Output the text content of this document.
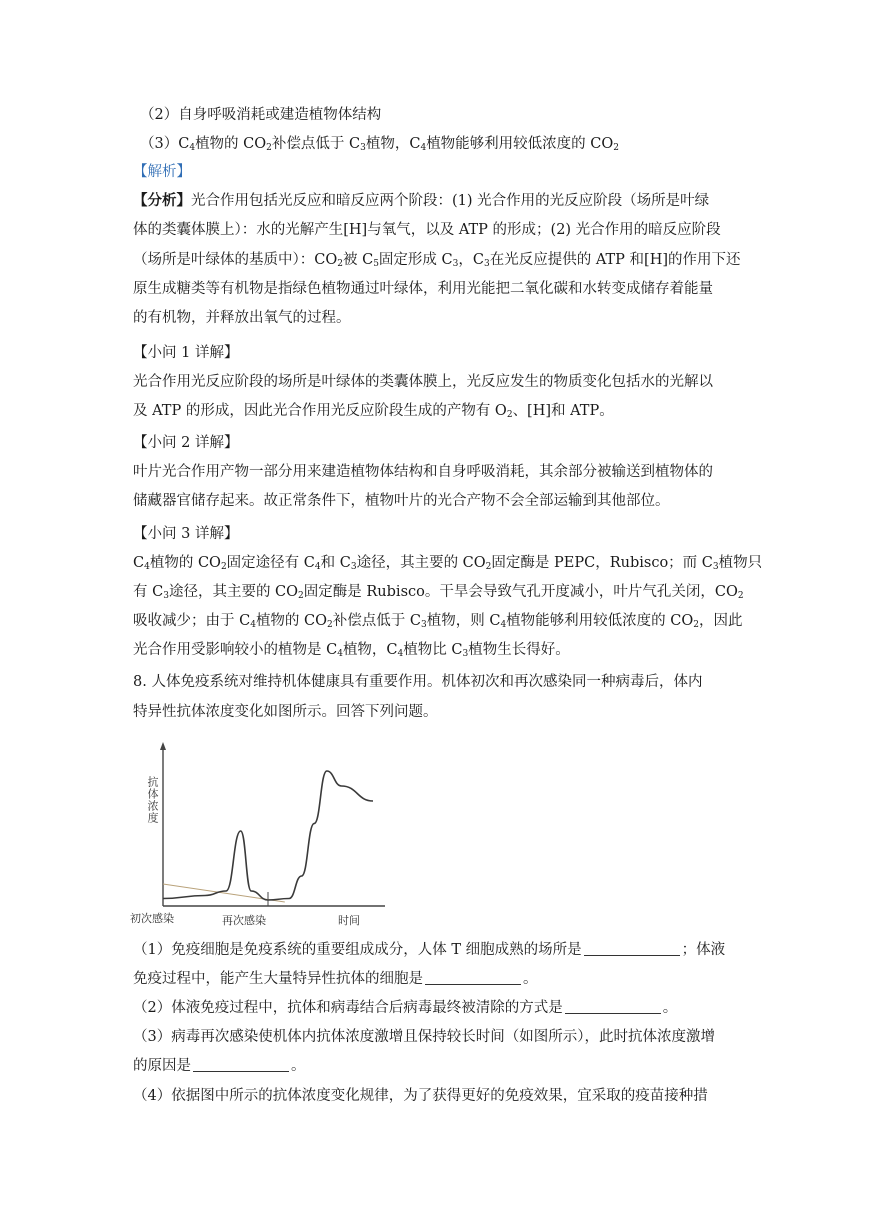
（2）自身呼吸消耗或建造植物体结构
$(3)C_4$植物的 $CO_2$补偿点低于 $C_3$植物，$C_4$植物能够利用较低浓度的 $CO_2$
【解析】
【分析】光合作用包括光反应和暗反应两个阶段：(1) 光合作用的光反应阶段（场所是叶绿
体的类囊体膜上）：水的光解产生[H]与氧气，以及 ATP 的形成；(2) 光合作用的暗反应阶段
（场所是叶绿体的基质中）：$CO_2$被 $C_5$固定形成 $C_3$，$C_3$在光反应提供的 ATP 和[H]的作用下还
原生成糖类等有机物是指绿色植物通过叶绿体，利用光能把二氧化碳和水转变成储存着能量
的有机物，并释放出氧气的过程。
【小问 1 详解】
光合作用光反应阶段的场所是叶绿体的类囊体膜上，光反应发生的物质变化包括水的光解以
及 ATP 的形成，因此光合作用光反应阶段生成的产物有 $O_2$、[H]和 ATP。
【小问 2 详解】
叶片光合作用产物一部分用来建造植物体结构和自身呼吸消耗，其余部分被输送到植物体的
储藏器官储存起来。故正常条件下，植物叶片的光合产物不会全部运输到其他部位。
【小问 3 详解】
$C_4$植物的 $CO_2$固定途径有 $C_4$和 $C_3$途径，其主要的 $CO_2$固定酶是 PEPC，Rubisco；而 $C_3$植物只
有 $C_3$途径，其主要的 $CO_2$固定酶是 Rubisco。干旱会导致气孔开度减小，叶片气孔关闭，$CO_2$
吸收减少；由于 $C_4$植物的 $CO_2$补偿点低于 $C_3$植物，则 $C_4$植物能够利用较低浓度的 $CO_2$，因此
光合作用受影响较小的植物是 $C_4$植物，$C_4$植物比 $C_3$植物生长得好。
8. 人体免疫系统对维持机体健康具有重要作用。机体初次和再次感染同一种病毒后，体内
特异性抗体浓度变化如图所示。回答下列问题。
抗体浓度
初次感染	再次感染	时间
（1）免疫细胞是免疫系统的重要组成成分，人体 T 细胞成熟的场所是	；体液
免疫过程中，能产生大量特异性抗体的细胞是	。
（2）体液免疫过程中，抗体和病毒结合后病毒最终被清除的方式是	。
（3）病毒再次感染使机体内抗体浓度激增且保持较长时间（如图所示），此时抗体浓度激增
的原因是	。
（4）依据图中所示的抗体浓度变化规律，为了获得更好的免疫效果，宜采取的疫苗接种措
